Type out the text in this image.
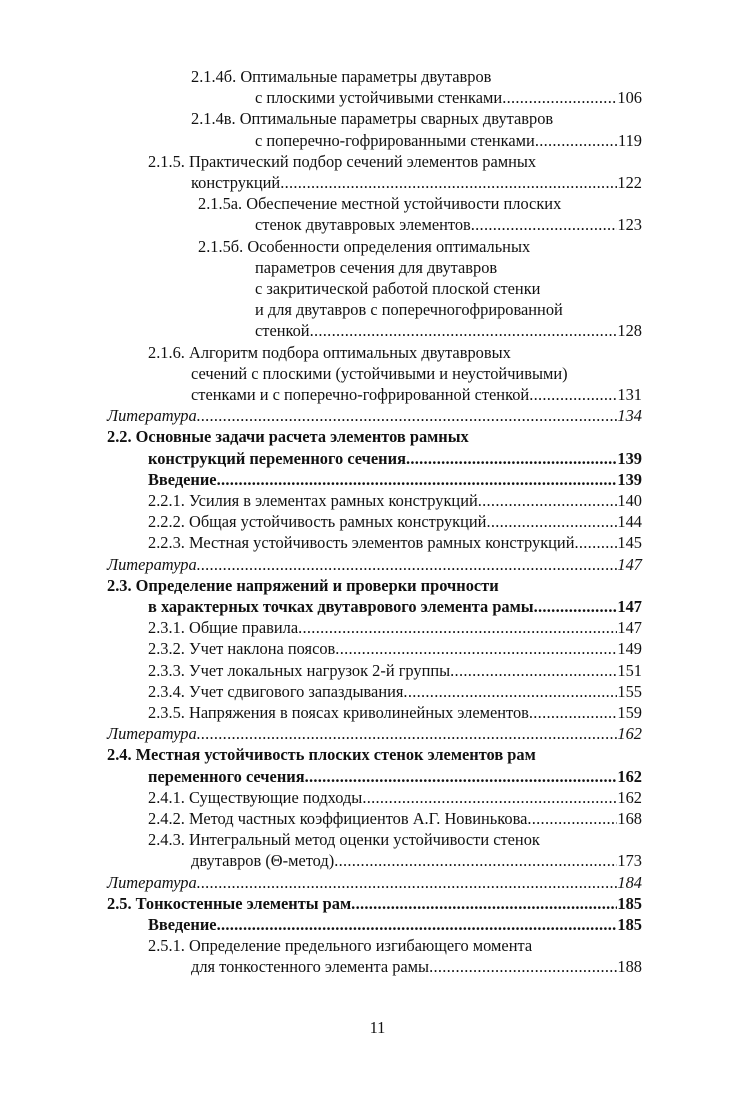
2.1.4б. Оптимальные параметры двутавров
с плоскими устойчивыми стенками . . .	106
2.1.4в. Оптимальные параметры сварных двутавров
с поперечно-гофрированными стенками . . .	119
2.1.5. Практический подбор сечений элементов рамных
конструкций . . .	122
2.1.5а. Обеспечение местной устойчивости плоских
стенок двутавровых элементов . . .	123
2.1.5б. Особенности определения оптимальных
параметров сечения для двутавров
с закритической работой плоской стенки
и для двутавров с поперечногофрированной
стенкой . . .	128
2.1.6. Алгоритм подбора оптимальных двутавровых
сечений с плоскими (устойчивыми и неустойчивыми)
стенками и с поперечно-гофрированной стенкой . . .	131
Литература . . .	134
2.2. Основные задачи расчета элементов рамных
конструкций переменного сечения . . .	139
Введение . . .	139
2.2.1. Усилия в элементах рамных конструкций . . .	140
2.2.2. Общая устойчивость рамных конструкций . . .	144
2.2.3. Местная устойчивость элементов рамных конструкций . . .	145
Литература . . .	147
2.3. Определение напряжений и проверки прочности
в характерных точках двутаврового элемента рамы . . .	147
2.3.1. Общие правила . . .	147
2.3.2. Учет наклона поясов . . .	149
2.3.3. Учет локальных нагрузок 2-й группы . . .	151
2.3.4. Учет сдвигового запаздывания . . .	155
2.3.5. Напряжения в поясах криволинейных элементов . . .	159
Литература . . .	162
2.4. Местная устойчивость плоских стенок элементов рам
переменного сечения . . .	162
2.4.1. Существующие подходы . . .	162
2.4.2. Метод частных коэффициентов А.Г. Новинькова . . .	168
2.4.3. Интегральный метод оценки устойчивости стенок
двутавров (Θ-метод) . . .	173
Литература . . .	184
2.5. Тонкостенные элементы рам . . .	185
Введение . . .	185
2.5.1. Определение предельного изгибающего момента
для тонкостенного элемента рамы . . .	188
11
